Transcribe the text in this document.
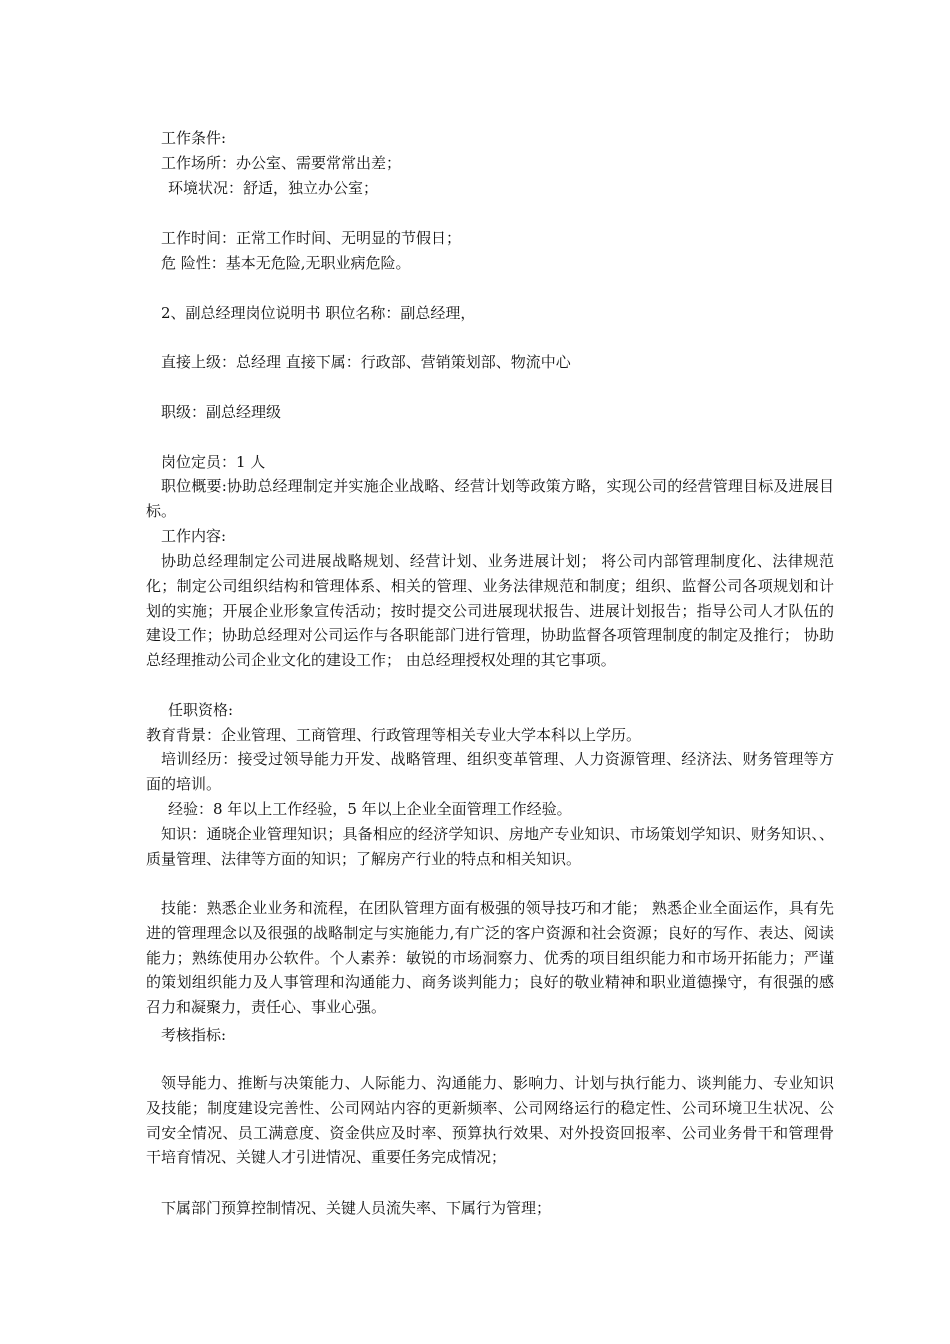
工作条件:
工作场所：办公室、需要常常出差；
环境状况：舒适，独立办公室；
工作时间：正常工作时间、无明显的节假日；
危 险性：基本无危险,无职业病危险。
2、副总经理岗位说明书 职位名称：副总经理，
直接上级：总经理 直接下属：行政部、营销策划部、物流中心
职级：副总经理级
岗位定员：1 人

职位概要:协助总经理制定并实施企业战略、经营计划等政策方略，实现公司的经营管理目标及进展目标。

工作内容:

协助总经理制定公司进展战略规划、经营计划、业务进展计划； 将公司内部管理制度化、法律规范化；制定公司组织结构和管理体系、相关的管理、业务法律规范和制度；组织、监督公司各项规划和计划的实施；开展企业形象宣传活动；按时提交公司进展现状报告、进展计划报告；指导公司人才队伍的建设工作；协助总经理对公司运作与各职能部门进行管理，协助监督各项管理制度的制定及推行； 协助总经理推动公司企业文化的建设工作； 由总经理授权处理的其它事项。

任职资格:
教育背景：企业管理、工商管理、行政管理等相关专业大学本科以上学历。

培训经历：接受过领导能力开发、战略管理、组织变革管理、人力资源管理、经济法、财务管理等方面的培训。

经验：8 年以上工作经验，5 年以上企业全面管理工作经验。

知识：通晓企业管理知识；具备相应的经济学知识、房地产专业知识、市场策划学知识、财务知识、、质量管理、法律等方面的知识；了解房产行业的特点和相关知识。

技能：熟悉企业业务和流程，在团队管理方面有极强的领导技巧和才能； 熟悉企业全面运作，具有先进的管理理念以及很强的战略制定与实施能力,有广泛的客户资源和社会资源；良好的写作、表达、阅读能力；熟练使用办公软件。个人素养：敏锐的市场洞察力、优秀的项目组织能力和市场开拓能力；严谨的策划组织能力及人事管理和沟通能力、商务谈判能力；良好的敬业精神和职业道德操守，有很强的感召力和凝聚力，责任心、事业心强。

考核指标:

领导能力、推断与决策能力、人际能力、沟通能力、影响力、计划与执行能力、谈判能力、专业知识及技能；制度建设完善性、公司网站内容的更新频率、公司网络运行的稳定性、公司环境卫生状况、公司安全情况、员工满意度、资金供应及时率、预算执行效果、对外投资回报率、公司业务骨干和管理骨干培育情况、关键人才引进情况、重要任务完成情况；

下属部门预算控制情况、关键人员流失率、下属行为管理；
